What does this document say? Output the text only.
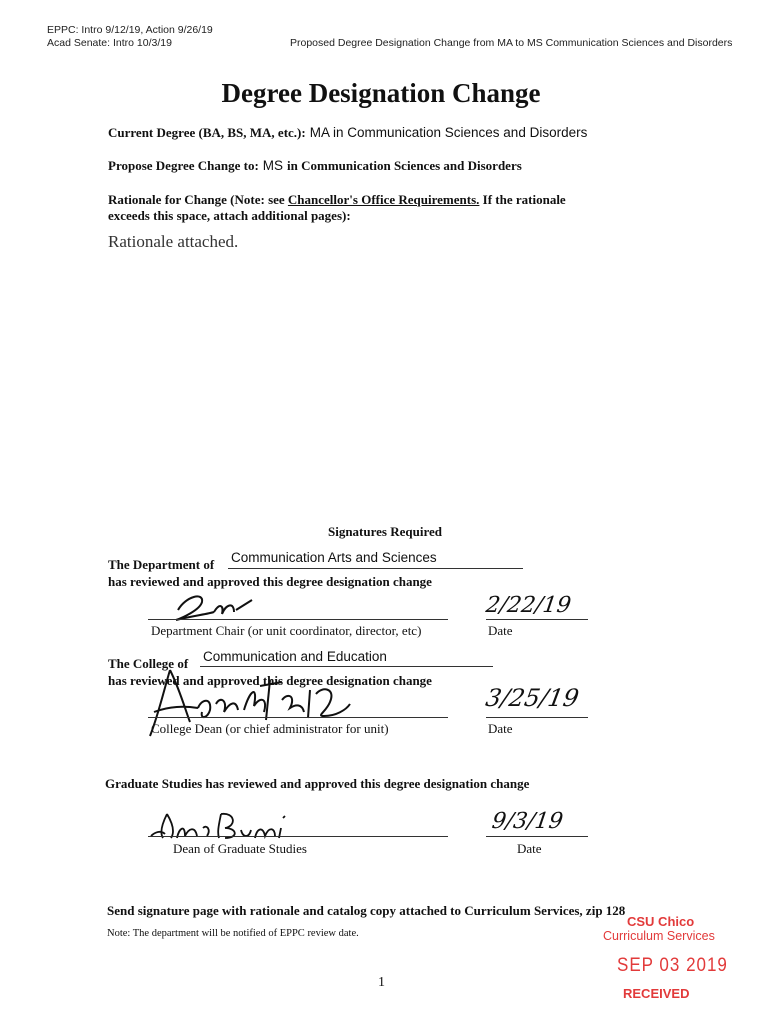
EPPC: Intro 9/12/19, Action 9/26/19
Acad Senate: Intro 10/3/19	Proposed Degree Designation Change from MA to MS Communication Sciences and Disorders
Degree Designation Change
Current Degree (BA, BS, MA, etc.): MA in Communication Sciences and Disorders
Propose Degree Change to: MS in Communication Sciences and Disorders
Rationale for Change (Note: see Chancellor's Office Requirements. If the rationale
exceeds this space, attach additional pages):
Rationale attached.
Signatures Required
The Department of Communication Arts and Sciences
has reviewed and approved this degree designation change
Department Chair (or unit coordinator, director, etc)
2/22/19
Date
The College of Communication and Education
has reviewed and approved this degree designation change
College Dean (or chief administrator for unit)
3/25/19
Date
Graduate Studies has reviewed and approved this degree designation change
Dean of Graduate Studies
9/3/19
Date
Send signature page with rationale and catalog copy attached to Curriculum Services, zip 128
Note: The department will be notified of EPPC review date.
1
CSU Chico
Curriculum Services
SEP 03 2019
RECEIVED
